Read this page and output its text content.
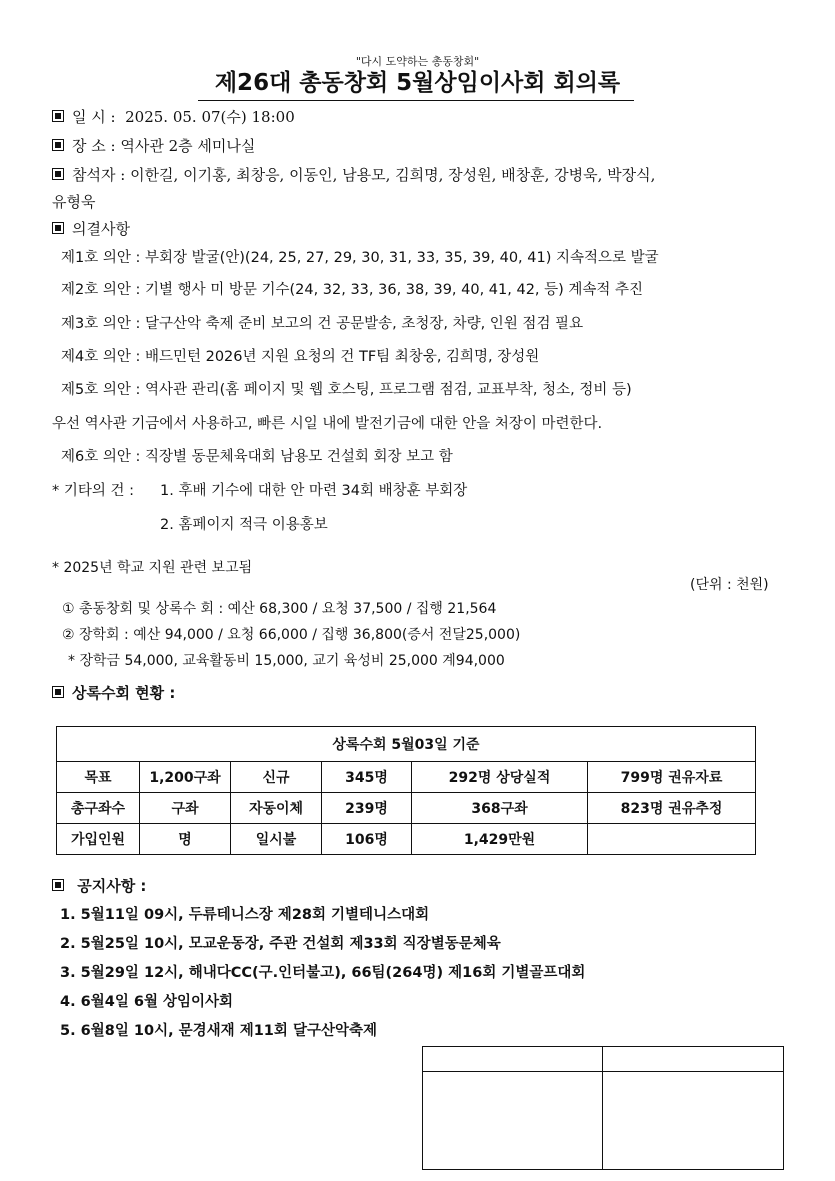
"다시 도약하는 총동창회"
제26대 총동창회 5월상임이사회 회의록
일 시 : 2025. 05. 07(수) 18:00
장 소 : 역사관 2층 세미나실
참석자 : 이한길, 이기홍, 최창응, 이동인, 남용모, 김희명, 장성원, 배창훈, 강병욱, 박장식,
유형욱
의결사항
제1호 의안 : 부회장 발굴(안)(24, 25, 27, 29, 30, 31, 33, 35, 39, 40, 41) 지속적으로 발굴
제2호 의안 : 기별 행사 미 방문 기수(24, 32, 33, 36, 38, 39, 40, 41, 42, 등) 계속적 추진
제3호 의안 : 달구산악 축제 준비 보고의 건 공문발송, 초청장, 차량, 인원 점검 필요
제4호 의안 : 배드민턴 2026년 지원 요청의 건 TF팀 최창웅, 김희명, 장성원
제5호 의안 : 역사관 관리(홈 페이지 및 웹 호스팅, 프로그램 점검, 교표부착, 청소, 정비 등)
우선 역사관 기금에서 사용하고, 빠른 시일 내에 발전기금에 대한 안을 처장이 마련한다.
제6호 의안 : 직장별 동문체육대회 남용모 건설회 회장 보고 함
* 기타의 건 : 1. 후배 기수에 대한 안 마련 34회 배창훈 부회장
2. 홈페이지 적극 이용홍보
* 2025년 학교 지원 관련 보고됨
(단위 : 천원)
① 총동창회 및 상록수 회 : 예산 68,300 / 요청 37,500 / 집행 21,564
② 장학회 : 예산 94,000 / 요청 66,000 / 집행 36,800(증서 전달25,000)
* 장학금 54,000, 교육활동비 15,000, 교기 육성비 25,000 계94,000
상록수회 현황 :
상록수회 5월03일 기준					
목표	1,200구좌	신규	345명	292명 상당실적	799명 권유자료
총구좌수	구좌	자동이체	239명	368구좌	823명 권유추정
가입인원	명	일시불	106명	1,429만원	
공지사항 :
1. 5월11일 09시, 두류테니스장 제28회 기별테니스대회
2. 5월25일 10시, 모교운동장, 주관 건설회 제33회 직장별동문체육
3. 5월29일 12시, 해내다CC(구.인터불고), 66팀(264명) 제16회 기별골프대회
4. 6월4일 6월 상임이사회
5. 6월8일 10시, 문경새재 제11회 달구산악축제
